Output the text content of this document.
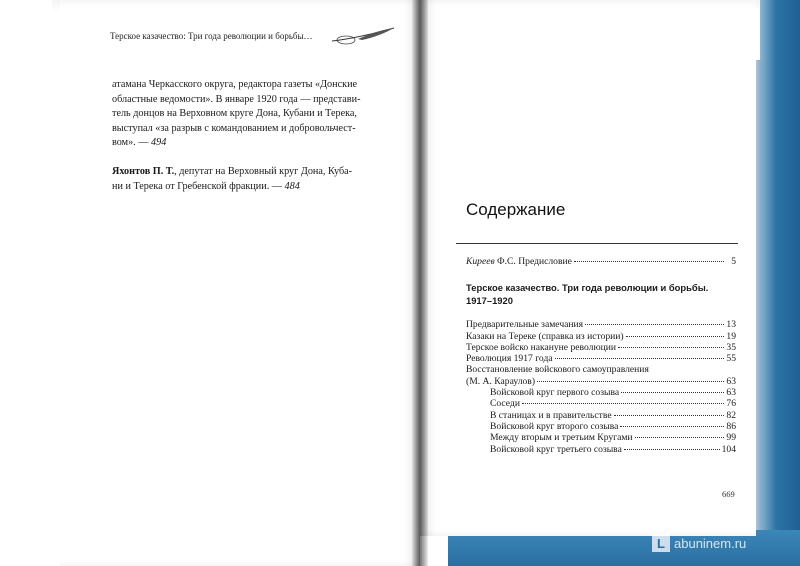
Терское казачество: Три года революции и борьбы…
атамана Черкасского округа, редактора газеты «Донские
областные ведомости». В январе 1920 года — представи-
тель донцов на Верховном круге Дона, Кубани и Терека,
выступал «за разрыв с командованием и добровольчест-
вом». — 494
Яхонтов П. Т., депутат на Верховный круг Дона, Куба-
ни и Терека от Гребенской фракции. — 484
Содержание
Киреев Ф.С. Предисловие	5
Терское казачество. Три года революции и борьбы.
1917–1920
Предварительные замечания	13
Казаки на Тереке (справка из истории)	19
Терское войско накануне революции	35
Революция 1917 года	55
Восстановление войскового самоуправления
(М. А. Караулов)	63
Войсковой круг первого созыва	63
Соседи	76
В станицах и в правительстве	82
Войсковой круг второго созыва	86
Между вторым и третьим Кругами	99
Войсковой круг третьего созыва	104
669
L abuninem.ru
